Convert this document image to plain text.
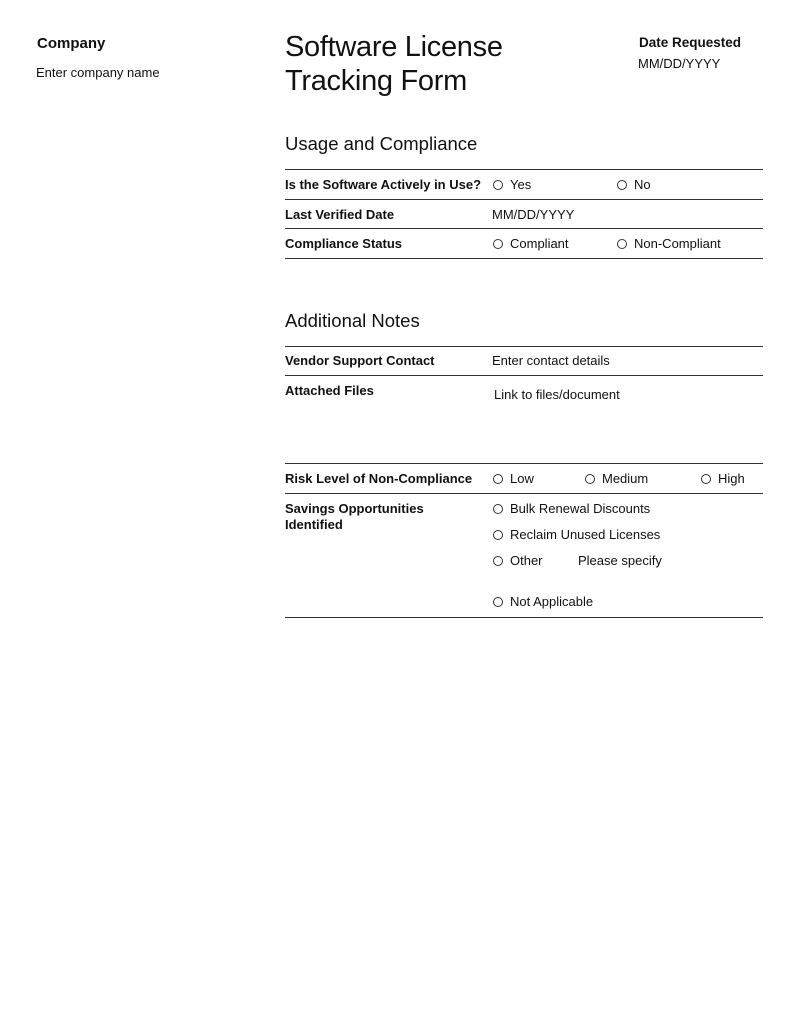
Company
Enter company name
Software License
Tracking Form
Date Requested
MM/DD/YYYY
Usage and Compliance
Is the Software Actively in Use? Yes	No
Last Verified Date	MM/DD/YYYY
Compliance Status	Compliant	Non-Compliant
Additional Notes
Vendor Support Contact	Enter contact details
Attached Files	Link to files/document
Risk Level of Non-Compliance	Low	Medium	High
Savings Opportunities
Identified
Bulk Renewal Discounts
Reclaim Unused Licenses
Other	Please specify
Not Applicable
